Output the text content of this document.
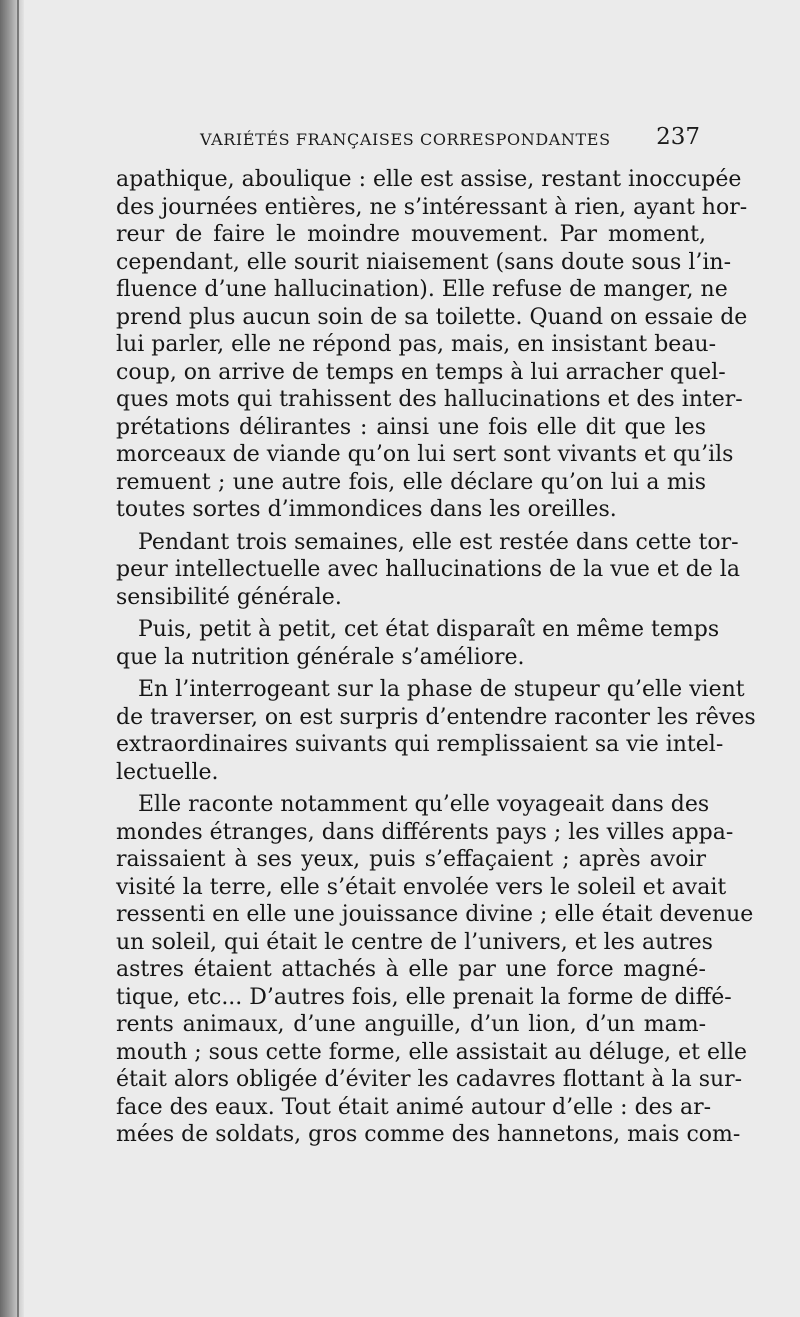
VARIÉTÉS FRANÇAISES CORRESPONDANTES 237

apathique, aboulique : elle est assise, restant inoccupée

des journées entières, ne s’intéressant à rien, ayant hor-

reur de faire le moindre mouvement. Par moment,

cependant, elle sourit niaisement (sans doute sous l’in-

fluence d’une hallucination). Elle refuse de manger, ne

prend plus aucun soin de sa toilette. Quand on essaie de

lui parler, elle ne répond pas, mais, en insistant beau-

coup, on arrive de temps en temps à lui arracher quel-

ques mots qui trahissent des hallucinations et des inter-

prétations délirantes : ainsi une fois elle dit que les

morceaux de viande qu’on lui sert sont vivants et qu’ils

remuent ; une autre fois, elle déclare qu’on lui a mis

toutes sortes d’immondices dans les oreilles.

Pendant trois semaines, elle est restée dans cette tor-

peur intellectuelle avec hallucinations de la vue et de la

sensibilité générale.

Puis, petit à petit, cet état disparaît en même temps

que la nutrition générale s’améliore.

En l’interrogeant sur la phase de stupeur qu’elle vient

de traverser, on est surpris d’entendre raconter les rêves

extraordinaires suivants qui remplissaient sa vie intel-

lectuelle.

Elle raconte notamment qu’elle voyageait dans des

mondes étranges, dans différents pays ; les villes appa-

raissaient à ses yeux, puis s’effaçaient ; après avoir

visité la terre, elle s’était envolée vers le soleil et avait

ressenti en elle une jouissance divine ; elle était devenue

un soleil, qui était le centre de l’univers, et les autres

astres étaient attachés à elle par une force magné-

tique, etc... D’autres fois, elle prenait la forme de diffé-

rents animaux, d’une anguille, d’un lion, d’un mam-

mouth ; sous cette forme, elle assistait au déluge, et elle

était alors obligée d’éviter les cadavres flottant à la sur-

face des eaux. Tout était animé autour d’elle : des ar-

mées de soldats, gros comme des hannetons, mais com-
